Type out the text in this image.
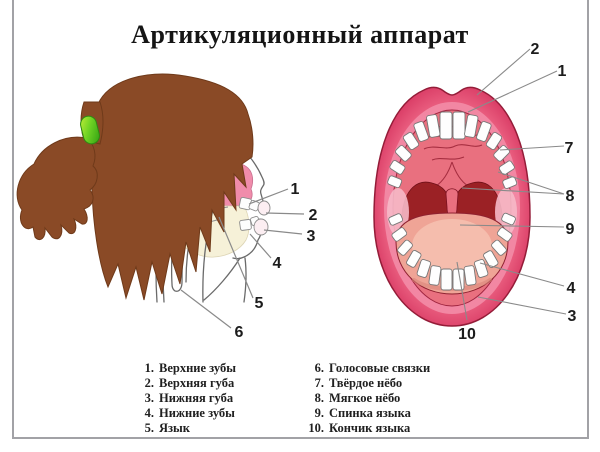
Артикуляционный аппарат
1
2
3
4
5
6
2
1
7
8
9
4
3
10
1. Верхние зубы
2. Верхняя губа
3. Нижняя губа
4. Нижние зубы
5. Язык
6. Голосовые связки
7. Твёрдое нёбо
8. Мягкое нёбо
9. Спинка языка
10. Кончик языка
